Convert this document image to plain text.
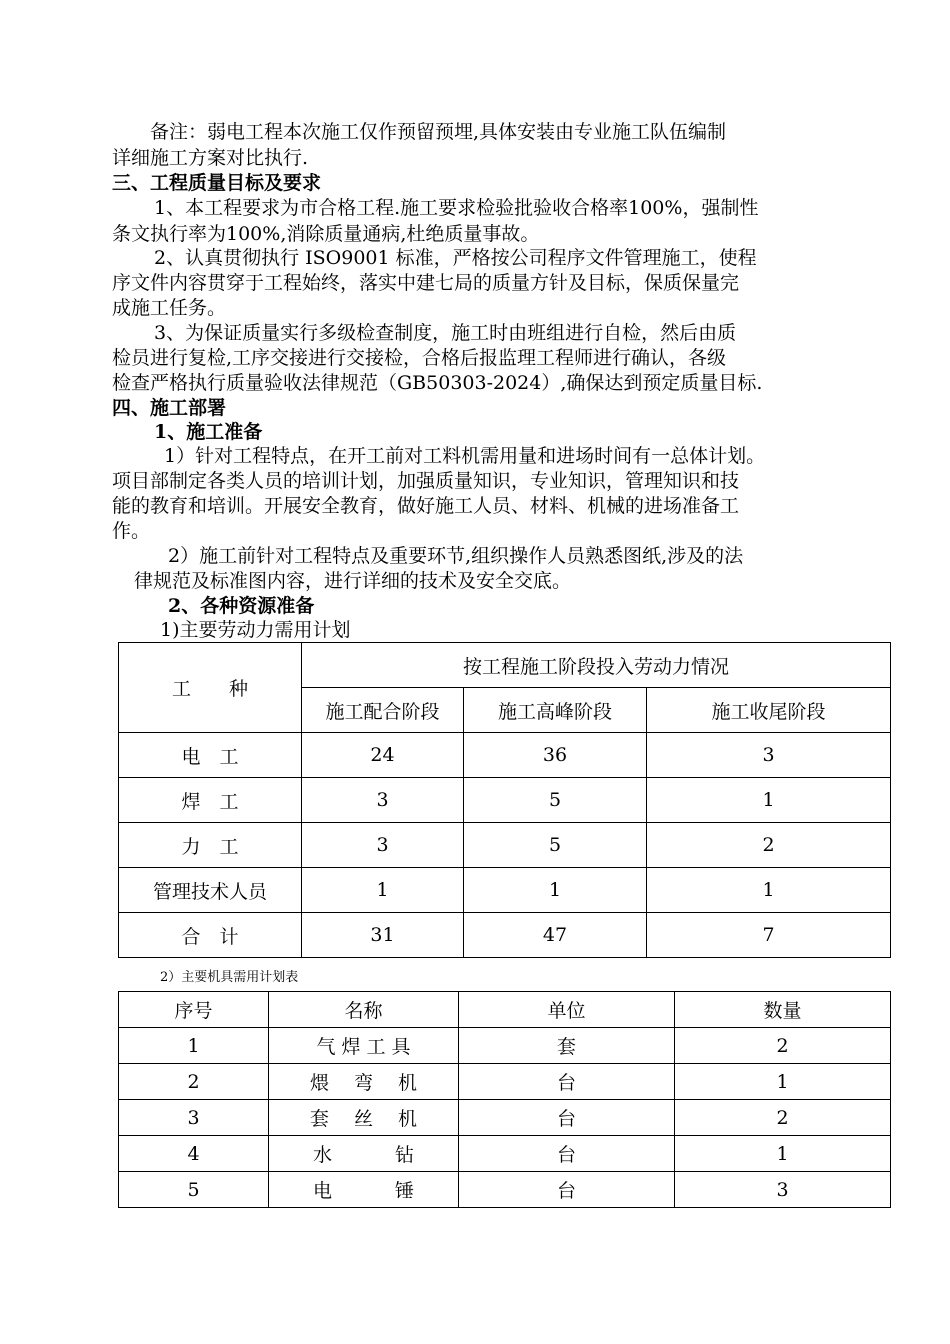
备注：弱电工程本次施工仅作预留预埋,具体安装由专业施工队伍编制
详细施工方案对比执行.
三、工程质量目标及要求
1、本工程要求为市合格工程.施工要求检验批验收合格率100%，强制性
条文执行率为100%,消除质量通病,杜绝质量事故。
2、认真贯彻执行 ISO9001 标准，严格按公司程序文件管理施工，使程
序文件内容贯穿于工程始终，落实中建七局的质量方针及目标，保质保量完
成施工任务。
3、为保证质量实行多级检查制度，施工时由班组进行自检，然后由质
检员进行复检,工序交接进行交接检，合格后报监理工程师进行确认，各级
检查严格执行质量验收法律规范（GB50303-2024）,确保达到预定质量目标.
四、施工部署
1、施工准备
1）针对工程特点，在开工前对工料机需用量和进场时间有一总体计划。
项目部制定各类人员的培训计划，加强质量知识，专业知识，管理知识和技
能的教育和培训。开展安全教育，做好施工人员、材料、机械的进场准备工
作。
2）施工前针对工程特点及重要环节,组织操作人员熟悉图纸,涉及的法
律规范及标准图内容，进行详细的技术及安全交底。
2、各种资源准备
1)主要劳动力需用计划
工　　种	按工程施工阶段投入劳动力情况		
	施工配合阶段	施工高峰阶段	施工收尾阶段
电　工	24	36	3
焊　工	3	5	1
力　工	3	5	2
管理技术人员	1	1	1
合　计	31	47	7
2）主要机具需用计划表
序号	名称	单位	数量
1	气 焊 工 具	套	2
2	煨　 弯　 机	台	1
3	套　 丝　 机	台	2
4	水　　　 钻	台	1
5	电　　　 锤	台	3
